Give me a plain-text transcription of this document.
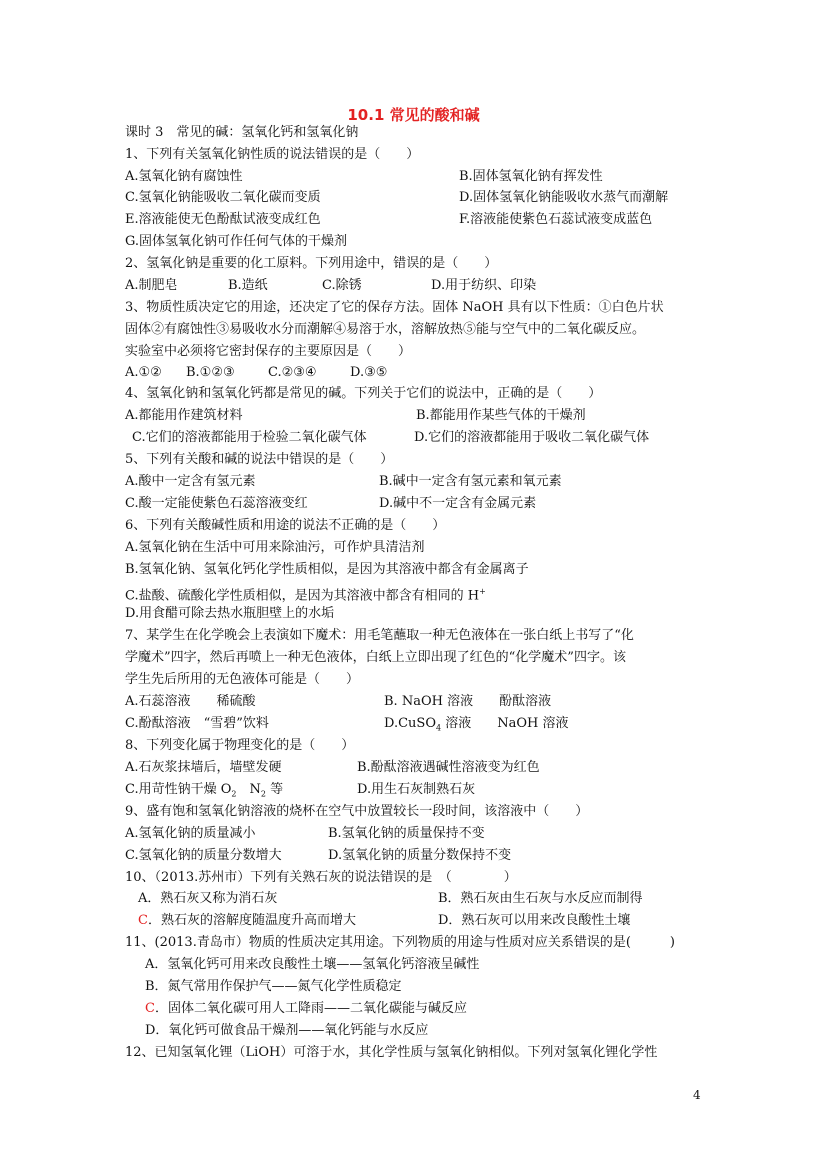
10.1 常见的酸和碱
课时 3　常见的碱：氢氧化钙和氢氧化钠
1、下列有关氢氧化钠性质的说法错误的是（　　）
A.氢氧化钠有腐蚀性	B.固体氢氧化钠有挥发性
C.氢氧化钠能吸收二氧化碳而变质	D.固体氢氧化钠能吸收水蒸气而潮解
E.溶液能使无色酚酞试液变成红色	F.溶液能使紫色石蕊试液变成蓝色
G.固体氢氧化钠可作任何气体的干燥剂
2、氢氧化钠是重要的化工原料。下列用途中，错误的是（　　）
A.制肥皂	B.造纸	C.除锈	D.用于纺织、印染
3、物质性质决定它的用途，还决定了它的保存方法。固体 NaOH 具有以下性质：①白色片状
固体②有腐蚀性③易吸收水分而潮解④易溶于水，溶解放热⑤能与空气中的二氧化碳反应。
实验室中必须将它密封保存的主要原因是（　　）
A.①② B.①②③	C.②③④	D.③⑤
4、氢氧化钠和氢氧化钙都是常见的碱。下列关于它们的说法中，正确的是（　　）
A.都能用作建筑材料	B.都能用作某些气体的干燥剂
C.它们的溶液都能用于检验二氧化碳气体	D.它们的溶液都能用于吸收二氧化碳气体
5、下列有关酸和碱的说法中错误的是（　　）
A.酸中一定含有氢元素	B.碱中一定含有氢元素和氧元素
C.酸一定能使紫色石蕊溶液变红	D.碱中不一定含有金属元素
6、下列有关酸碱性质和用途的说法不正确的是（　　）
A.氢氧化钠在生活中可用来除油污，可作炉具清洁剂
B.氢氧化钠、氢氧化钙化学性质相似，是因为其溶液中都含有金属离子
C.盐酸、硫酸化学性质相似，是因为其溶液中都含有相同的 H+
D.用食醋可除去热水瓶胆壁上的水垢
7、某学生在化学晚会上表演如下魔术：用毛笔蘸取一种无色液体在一张白纸上书写了“化
学魔术”四字，然后再喷上一种无色液体，白纸上立即出现了红色的“化学魔术”四字。该
学生先后所用的无色液体可能是（　　）
A.石蕊溶液　　稀硫酸	B. NaOH 溶液　　酚酞溶液
C.酚酞溶液　“雪碧”饮料	D.CuSO$_4$ 溶液　　NaOH 溶液
8、下列变化属于物理变化的是（　　）
A.石灰浆抹墙后，墙壁发硬	B.酚酞溶液遇碱性溶液变为红色
C.用苛性钠干燥 $O_2$　$N_2$ 等	D.用生石灰制熟石灰
9、盛有饱和氢氧化钠溶液的烧杯在空气中放置较长一段时间，该溶液中（　　）
A.氢氧化钠的质量减小	B.氢氧化钠的质量保持不变
C.氢氧化钠的质量分数增大	D.氢氧化钠的质量分数保持不变
10、（2013.苏州市）下列有关熟石灰的说法错误的是　（　　　　）
A．熟石灰又称为消石灰	B．熟石灰由生石灰与水反应而制得
C．熟石灰的溶解度随温度升高而增大	D．熟石灰可以用来改良酸性土壤
11、(2013.青岛市）物质的性质决定其用途。下列物质的用途与性质对应关系错误的是(　　　)
A．氢氧化钙可用来改良酸性土壤——氢氧化钙溶液呈碱性
B．氮气常用作保护气——氮气化学性质稳定
C．固体二氧化碳可用人工降雨——二氧化碳能与碱反应
D．氧化钙可做食品干燥剂——氧化钙能与水反应
12、已知氢氧化锂（LiOH）可溶于水，其化学性质与氢氧化钠相似。下列对氢氧化锂化学性
4
